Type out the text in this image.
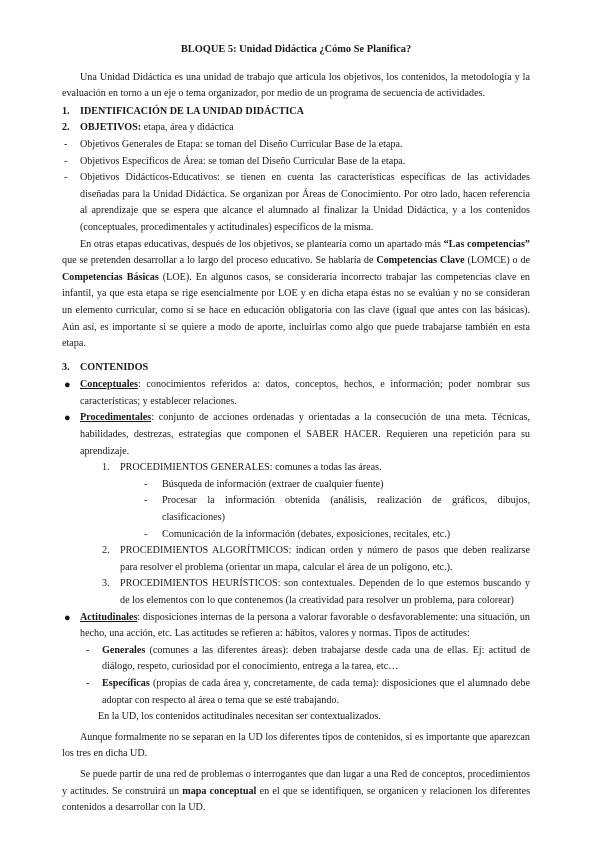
BLOQUE 5: Unidad Didáctica ¿Cómo Se Planifica?

Una Unidad Didáctica es una unidad de trabajo que articula los objetivos, los contenidos, la metodología y la evaluación en torno a un eje o tema organizador, por medio de un programa de secuencia de actividades.

1. IDENTIFICACIÓN DE LA UNIDAD DIDÁCTICA
2. OBJETIVOS: etapa, área y didáctica
- Objetivos Generales de Etapa: se toman del Diseño Curricular Base de la etapa.
- Objetivos Específicos de Área: se toman del Diseño Curricular Base de la etapa.
- Objetivos Didácticos-Educativos: se tienen en cuenta las características específicas de las actividades diseñadas para la Unidad Didáctica. Se organizan por Áreas de Conocimiento. Por otro lado, hacen referencia al aprendizaje que se espera que alcance el alumnado al finalizar la Unidad Didáctica, y a los contenidos (conceptuales, procedimentales y actitudinales) específicos de la misma.

En otras etapas educativas, después de los objetivos, se plantearía como un apartado más “Las competencias” que se pretenden desarrollar a lo largo del proceso educativo. Se hablaría de Competencias Clave (LOMCE) o de Competencias Básicas (LOE). En algunos casos, se consideraría incorrecto trabajar las competencias clave en infantil, ya que esta etapa se rige esencialmente por LOE y en dicha etapa éstas no se evalúan y no se consideran un elemento curricular, como sí se hace en educación obligatoria con las clave (igual que antes con las básicas). Aún así, es importante si se quiere a modo de aporte, incluirlas como algo que puede trabajarse también en esta etapa.

3. CONTENIDOS
● Conceptuales: conocimientos referidos a: datos, conceptos, hechos, e información; poder nombrar sus características; y establecer relaciones.
● Procedimentales: conjunto de acciones ordenadas y orientadas a la consecución de una meta. Técnicas, habilidades, destrezas, estrategias que componen el SABER HACER. Requieren una repetición para su aprendizaje.
1. PROCEDIMIENTOS GENERALES: comunes a todas las áreas.
- Búsqueda de información (extraer de cualquier fuente)
- Procesar la información obtenida (análisis, realización de gráficos, dibujos, clasificaciones)
- Comunicación de la información (debates, exposiciones, recitales, etc.)
2. PROCEDIMIENTOS ALGORÍTMICOS: indican orden y número de pasos que deben realizarse para resolver el problema (orientar un mapa, calcular el área de un polígono, etc.).
3. PROCEDIMIENTOS HEURÍSTICOS: son contextuales. Dependen de lo que estemos buscando y de los elementos con lo que contenemos (la creatividad para resolver un problema, para colorear)
● Actitudinales: disposiciones internas de la persona a valorar favorable o desfavorablemente: una situación, un hecho, una acción, etc. Las actitudes se refieren a: hábitos, valores y normas. Tipos de actitudes:
- Generales (comunes a las diferentes áreas): deben trabajarse desde cada una de ellas. Ej: actitud de diálogo, respeto, curiosidad por el conocimiento, entrega a la tarea, etc…
- Específicas (propias de cada área y, concretamente, de cada tema): disposiciones que el alumnado debe adoptar con respecto al área o tema que se esté trabajando.
En la UD, los contenidos actitudinales necesitan ser contextualizados.

Aunque formalmente no se separan en la UD los diferentes tipos de contenidos, sí es importante que aparezcan los tres en dicha UD.

Se puede partir de una red de problemas o interrogantes que dan lugar a una Red de conceptos, procedimientos y actitudes. Se construirá un mapa conceptual en el que se identifiquen, se organicen y relacionen los diferentes contenidos a desarrollar con la UD.
